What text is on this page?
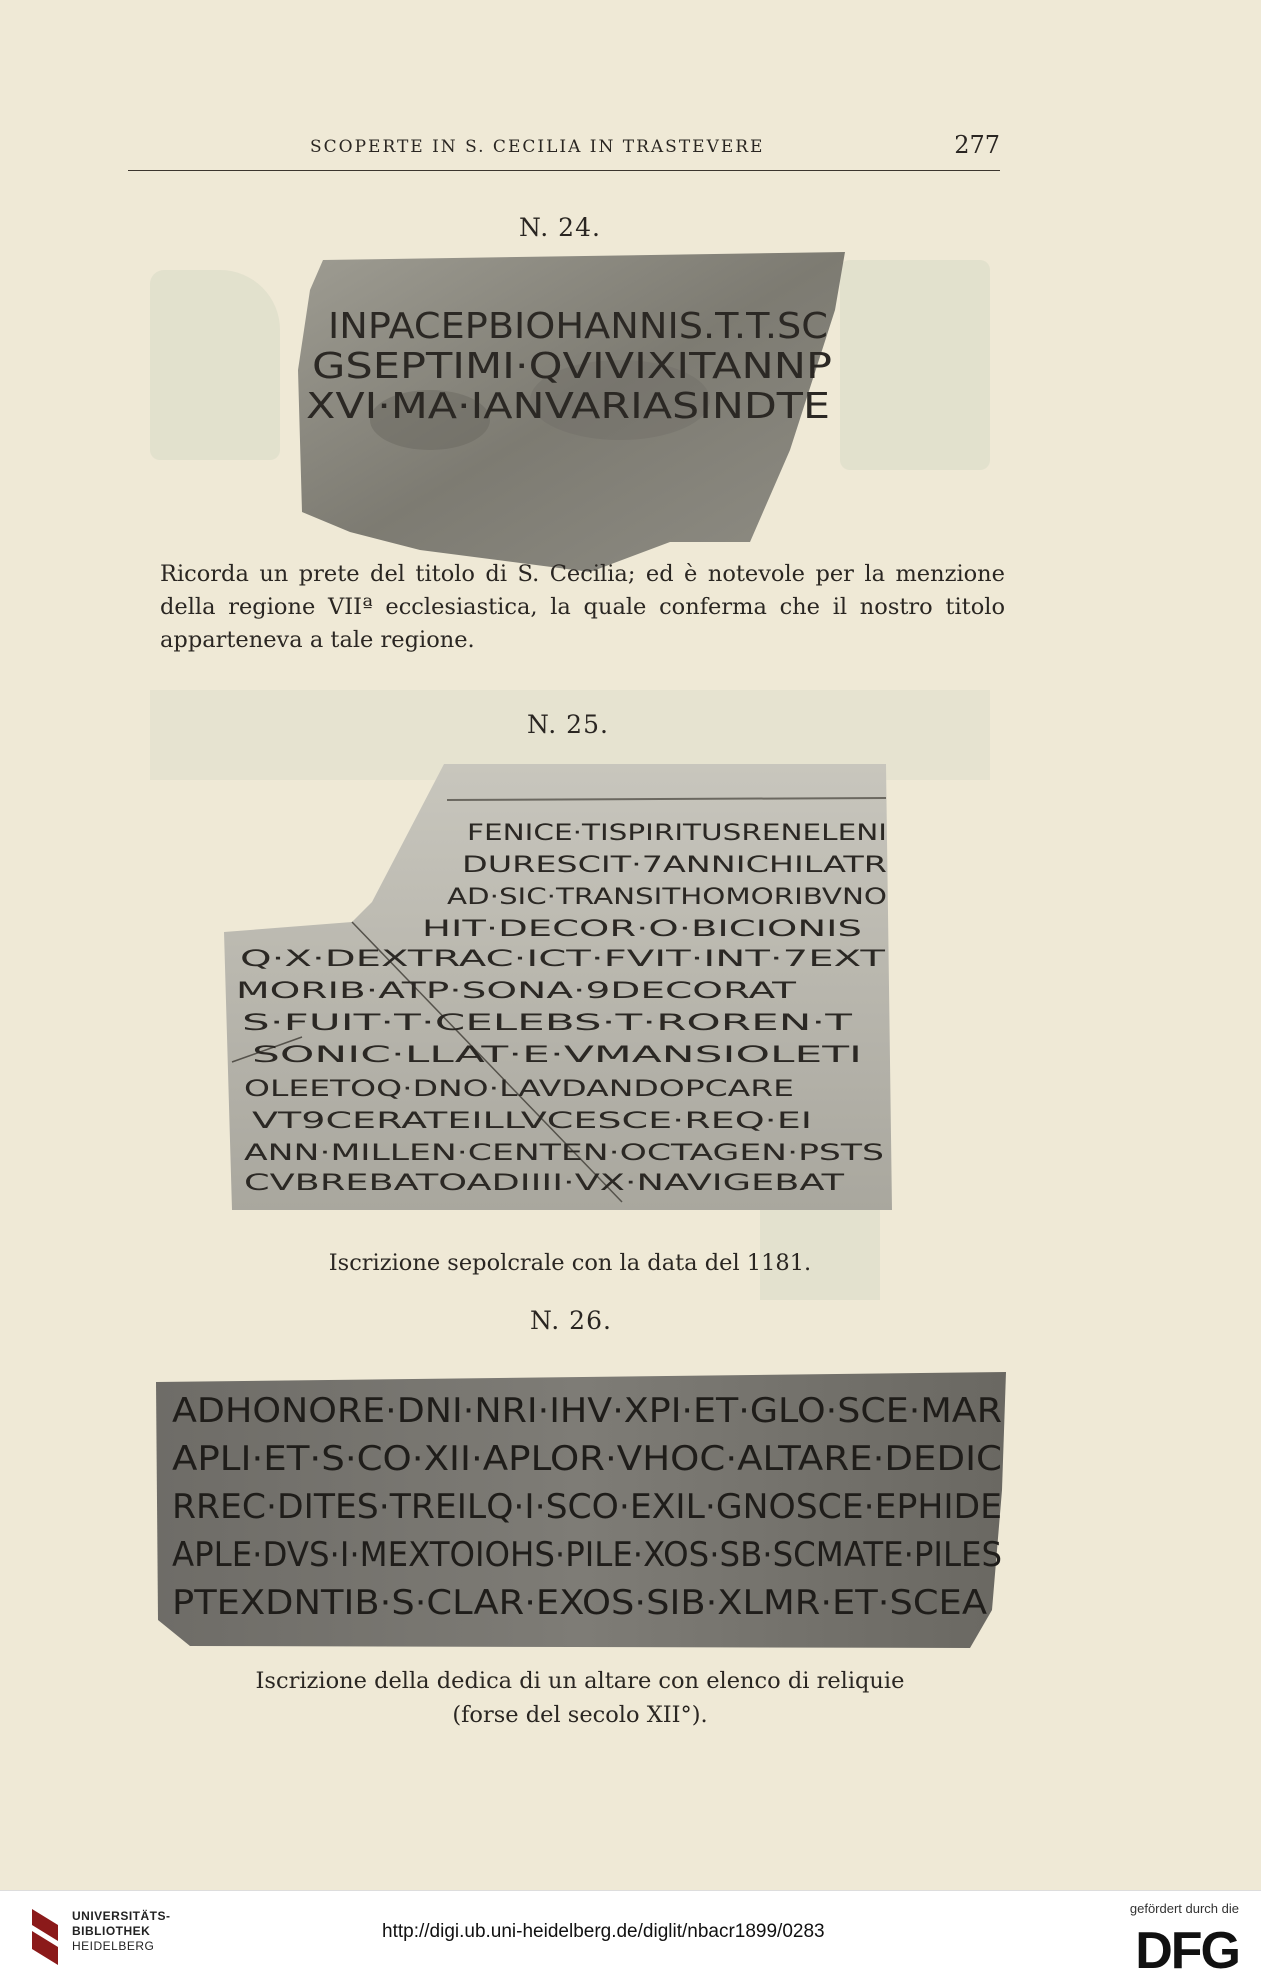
SCOPERTE IN S. CECILIA IN TRASTEVERE	277
N. 24.
INPACEPBIOHANNIS.T.T.SC
GSEPTIMI·QVIVIXITANNP
XVI·MA·IANVARIASINDTE

Ricorda un prete del titolo di S. Cecilia; ed è notevole per la menzione della regione VIIª ecclesiastica, la quale conferma che il nostro titolo apparteneva a tale regione.

N. 25.
FENICE·TISPIRITUSRENELENI
DURESCIT·7ANNICHILATR
AD·SIC·TRANSITHOMORIBVNO
HIT·DECOR·O·BICIONIS
Q·X·DEXTRAC·ICT·FVIT·INT·7EXT
MORIB·ATP·SONA·9DECORAT
S·FUIT·T·CELEBS·T·ROREN·T
SONIC·LLAT·E·VMANSIOLETI
OLEETOQ·DNO·LAVDANDOPCARE
VT9CERATEILLVCESCE·REQ·EI
ANN·MILLEN·CENTEN·OCTAGEN·PSTS
CVBREBATOADIIII·VX·NAVIGEBAT
Iscrizione sepolcrale con la data del 1181.
N. 26.
ADHONORE·DNI·NRI·IHV·XPI·ET·GLO·SCE·MAR
APLI·ET·S·CO·XII·APLOR·VHOC·ALTARE·DEDIC
RREC·DITES·TREILQ·I·SCO·EXIL·GNOSCE·EPHIDE
APLE·DVS·I·MEXTOIOHS·PILE·XOS·SB·SCMATE·PILES
PTEXDNTIB·S·CLAR·EXOS·SIB·XLMR·ET·SCEA
Iscrizione della dedica di un altare con elenco di reliquie
(forse del secolo XII°).
UNIVERSITÄTS-
BIBLIOTHEK
HEIDELBERG
http://digi.ub.uni-heidelberg.de/diglit/nbacr1899/0283
gefördert durch die
DFG
